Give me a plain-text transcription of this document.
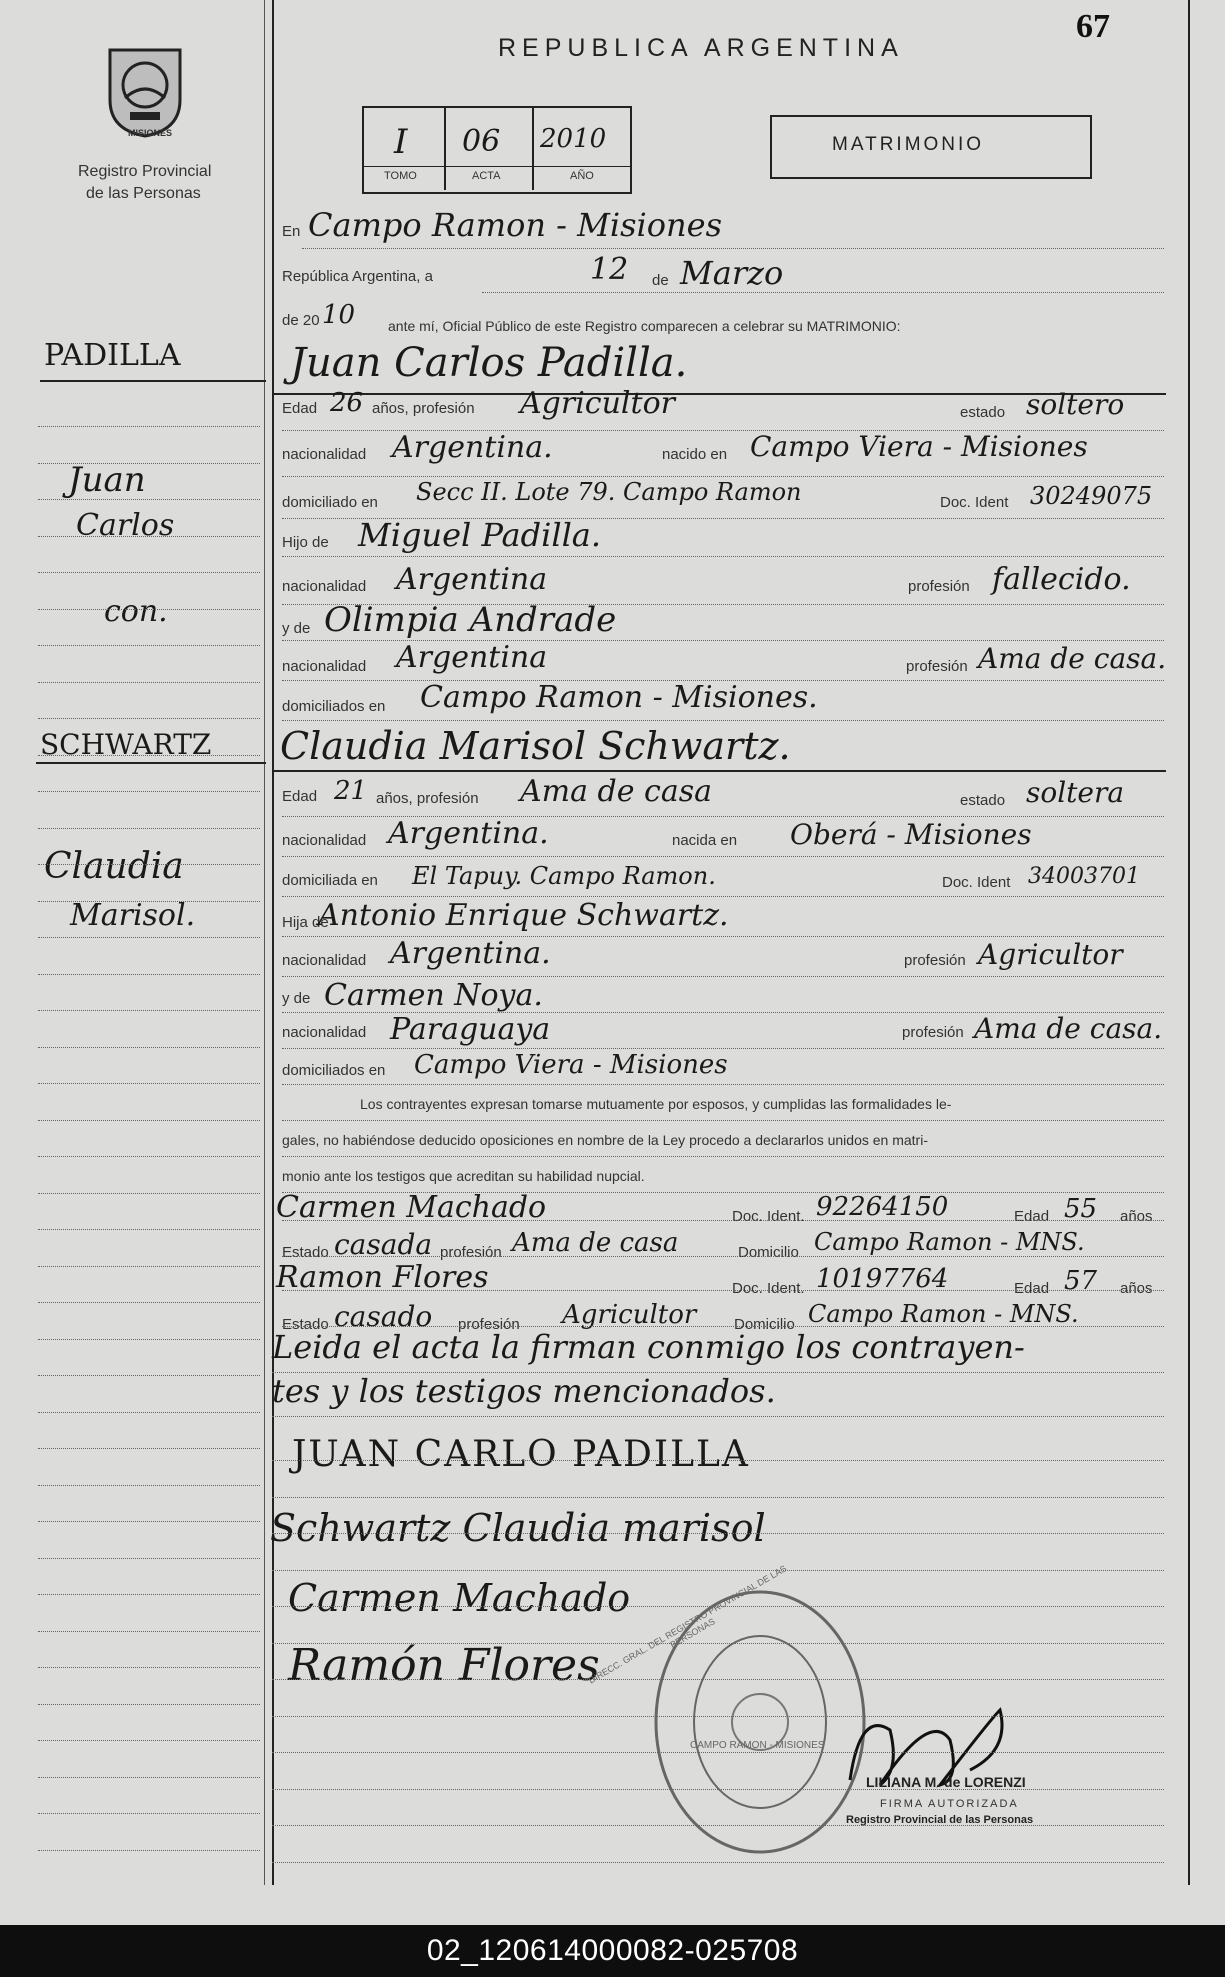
MISIONES
Registro Provincial
de las Personas
REPUBLICA ARGENTINA
67
I 06 2010
TOMO	ACTA	AÑO
MATRIMONIO
PADILLA
Juan
Carlos
con.
SCHWARTZ
Claudia
Marisol.
En Campo Ramon - Misiones
República Argentina, a	12 de Marzo
de 20 10 ante mí, Oficial Público de este Registro comparecen a celebrar su MATRIMONIO:
Juan Carlos Padilla.
Claudia Marisol Schwartz.
Los contrayentes expresan tomarse mutuamente por esposos, y cumplidas las formalidades le-
gales, no habiéndose deducido oposiciones en nombre de la Ley procedo a declararlos unidos en matri-
monio ante los testigos que acreditan su habilidad nupcial.
Leida el acta la firman conmigo los contrayen-
tes y los testigos mencionados.
JUAN CARLO PADILLA
Schwartz Claudia marisol
Carmen Machado
Ramón Flores
DIRECC. GRAL. DEL REGISTRO PROVINCIAL DE LAS PERSONAS
CAMPO RAMON - MISIONES
LILIANA M. de LORENZI
FIRMA AUTORIZADA
Registro Provincial de las Personas
Edad 26 años, profesión Agricultor	estado soltero
nacionalidad Argentina.	nacido en Campo Viera - Misiones
domiciliado en Secc II. Lote 79. Campo Ramon	Doc. Ident 30249075
Hijo de Miguel Padilla.
nacionalidad Argentina	profesión fallecido.
y de Olimpia Andrade
nacionalidad Argentina	profesión Ama de casa.
domiciliados en Campo Ramon - Misiones.
Edad 21 años, profesión Ama de casa	estado soltera
nacionalidad Argentina.	nacida en Oberá - Misiones
domiciliada en El Tapuy. Campo Ramon.	Doc. Ident 34003701
Hija de
Antonio Enrique Schwartz.
nacionalidad Argentina.	profesión Agricultor
y de Carmen Noya.
nacionalidad Paraguaya	profesión Ama de casa.
domiciliados en Campo Viera - Misiones
Carmen Machado	Doc. Ident. 92264150	Edad 55 años
Estado casada profesión Ama de casa	Domicilio Campo Ramon - MNS.
Ramon Flores	Doc. Ident. 10197764	Edad 57 años
Estado casado profesión Agricultor	Domicilio Campo Ramon - MNS.
02_120614000082-025708
